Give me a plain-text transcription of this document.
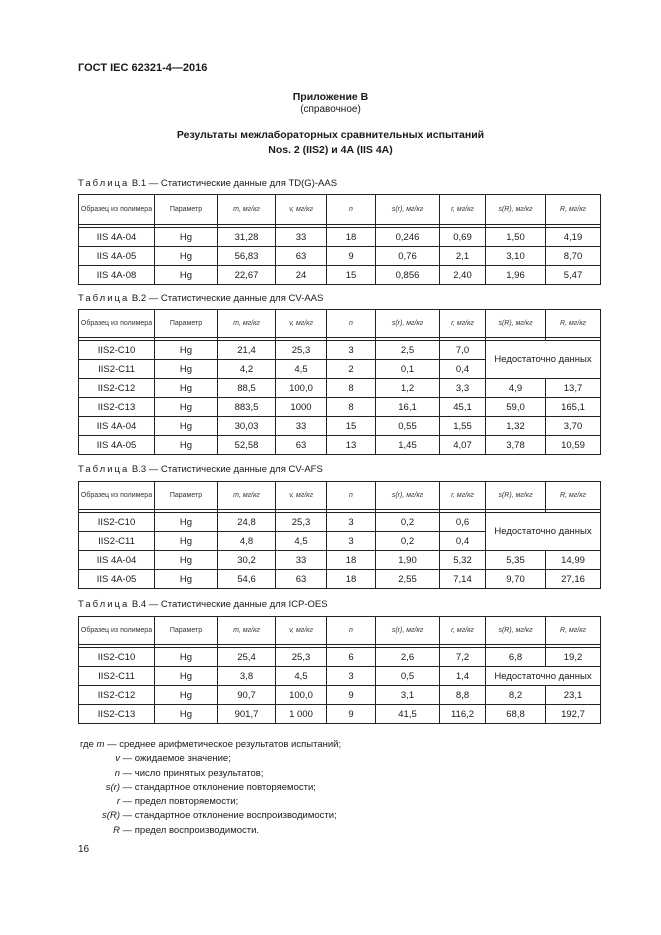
ГОСТ IEC 62321-4—2016
Приложение В
(справочное)
Результаты межлабораторных сравнительных испытаний
Nos. 2 (IIS2) и 4A (IIS 4A)
Таблица В.1 — Статистические данные для TD(G)-AAS
Образец из полимера	Параметр	m, мг/кг	v, мг/кг	n	s(r), мг/кг	r, мг/кг	s(R), мг/кг	R, мг/кг

IIS 4A-04	Hg	31,28	33	18	0,246	0,69	1,50	4,19
IIS 4A-05	Hg	56,83	63	9	0,76	2,1	3,10	8,70
IIS 4A-08	Hg	22,67	24	15	0,856	2,40	1,96	5,47
Таблица В.2 — Статистические данные для CV-AAS
Образец из полимера	Параметр	m, мг/кг	v, мг/кг	n	s(r), мг/кг	r, мг/кг	s(R), мг/кг	R, мг/кг

IIS2-C10	Hg	21,4	25,3	3	2,5	7,0	Недостаточно данных	
IIS2-C11	Hg	4,2	4,5	2	0,1	0,4		
IIS2-C12	Hg	88,5	100,0	8	1,2	3,3	4,9	13,7
IIS2-C13	Hg	883,5	1000	8	16,1	45,1	59,0	165,1
IIS 4A-04	Hg	30,03	33	15	0,55	1,55	1,32	3,70
IIS 4A-05	Hg	52,58	63	13	1,45	4,07	3,78	10,59
Таблица В.3 — Статистические данные для CV-AFS
Образец из полимера	Параметр	m, мг/кг	v, мг/кг	n	s(r), мг/кг	r, мг/кг	s(R), мг/кг	R, мг/кг

IIS2-C10	Hg	24,8	25,3	3	0,2	0,6	Недостаточно данных	
IIS2-C11	Hg	4,8	4,5	3	0,2	0,4		
IIS 4A-04	Hg	30,2	33	18	1,90	5,32	5,35	14,99
IIS 4A-05	Hg	54,6	63	18	2,55	7,14	9,70	27,16
Таблица В.4 — Статистические данные для ICP-OES
Образец из полимера	Параметр	m, мг/кг	v, мг/кг	n	s(r), мг/кг	r, мг/кг	s(R), мг/кг	R, мг/кг

IIS2-C10	Hg	25,4	25,3	6	2,6	7,2	6,8	19,2
IIS2-C11	Hg	3,8	4,5	3	0,5	1,4	Недостаточно данных	
IIS2-C12	Hg	90,7	100,0	9	3,1	8,8	8,2	23,1
IIS2-C13	Hg	901,7	1 000	9	41,5	116,2	68,8	192,7
где m — среднее арифметическое результатов испытаний;
v — ожидаемое значение;
n — число принятых результатов;
s(r) — стандартное отклонение повторяемости;
r — предел повторяемости;
s(R) — стандартное отклонение воспроизводимости;
R — предел воспроизводимости.
16
